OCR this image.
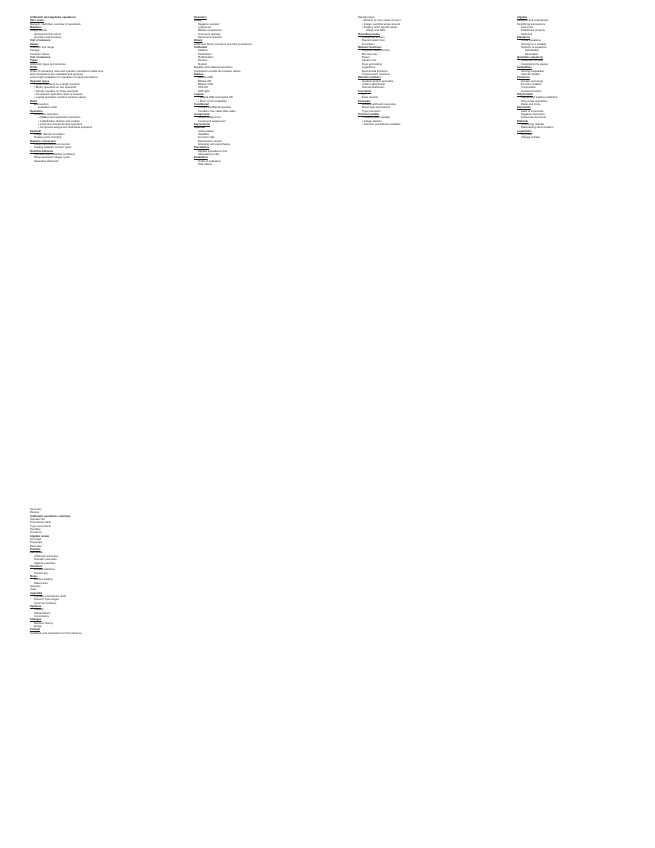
Arithmetic and algebraic operations

Intro notes
Numeric / definition overview of operations
Numbers
Integer literals
decimal and hex forms
precision and accuracy
Unit of measure
Values
Precision and range
Storage
Constant values
Unit of measure
Types
Arithmetic types and precision
Order
Order of operations rules and operator precedence determine
how expressions are evaluated and grouped
Left-to-right evaluation for operators of equal precedence
Operator types
• Unary operators on a single operand
• Binary operators on two operands
• Ternary operator on three operands
• Comparison operators return a boolean
• Logical operators combine boolean values
Rules
Expressions
evaluation order
Operators
Arithmetic operators
• Addition and subtraction operators
• multiplication division and modulo
• increment and decrement operators
• Compound assignment shorthand operators
Example
Integer division truncation
Floating point rounding
Numeric conversion
Implicit and explicit conversion
Casting between numeric types
Overflow behavior
Overflow and underflow conditions
Wrap-around for integer types
Saturation arithmetic
Operators
Unary
Negation operator
Logical not
Bitwise complement
Increment operator
Decrement operator
Binary
Arithmetic binary operators and their precedence
Arithmetic
Addition
Subtraction
Multiplication
Division
Modulo
Equality and relational operators
Comparison results are boolean values
Bitwise
Bitwise AND
Bitwise OR
Bitwise XOR
Shift left
Shift right
Logical
• Logical AND and logical OR
• Short circuit evaluation
Conditional
Ternary conditional operator
Condition true value false value
Assignment
Simple assignment
Compound assignment
Expressions
Operand
Literal values
Variables
Function calls
Expressions nested
Grouping with parentheses
Precedence
Highest precedence first
Associativity rules
Evaluation
Order of evaluation
Side effects
Special cases
• Division by zero raises an error
• Integer overflow wraps around
• Floating point special values
Infinity and NaN
Rounding modes
Round half to even
Round toward zero
Truncation
Numeric functions
Absolute value function
Min and max
Power
Square root
Floor and ceiling
Logarithms
Exponential functions
Trigonometric functions
Random numbers
Seeded random generator
Uniform distribution
Normal distribution
Constants
Pi
Euler number
Examples
Worked arithmetic examples
Mixed type expressions
Type promotion
Common pitfalls
• Floating point equality
• Integer division
• Operator precedence mistakes
Algebra
Variables and expressions
Simplifying expressions
Like terms
Distributive property
Factoring
Equations
Linear equations
Solving for a variable
Systems of equations
Substitution
Elimination
Quadratic equations
Quadratic formula
Completing the square
Inequalities
Solving inequalities
Interval notation
Functions
Domain and range
Function notation
Composition
Inverse functions
Polynomials
Degree and leading coefficient
Polynomial operations
Roots and zeros
Exponents
Laws of exponents
Negative exponents
Fractional exponents
Radicals
Simplifying radicals
Rationalizing denominators
Logarithms
Log rules
Change of base
Summary
Review
Arithmetic operations summary
Operator list
Precedence table
Type conversions
Overflow
Functions
Algebra review
Formulas
Properties
Examples
Practice
Exercises
Arithmetic exercises
Operator exercises
Algebra exercises
Solutions
Worked solutions
Answer key
Notes
Further reading
References
Glossary
Index
Appendix
Operator precedence chart
Numeric type ranges
Common functions
Symbols
Notation
Abbreviations
Conventions
Changes
Revision history
Errata
Contact
Feedback and corrections for this reference
